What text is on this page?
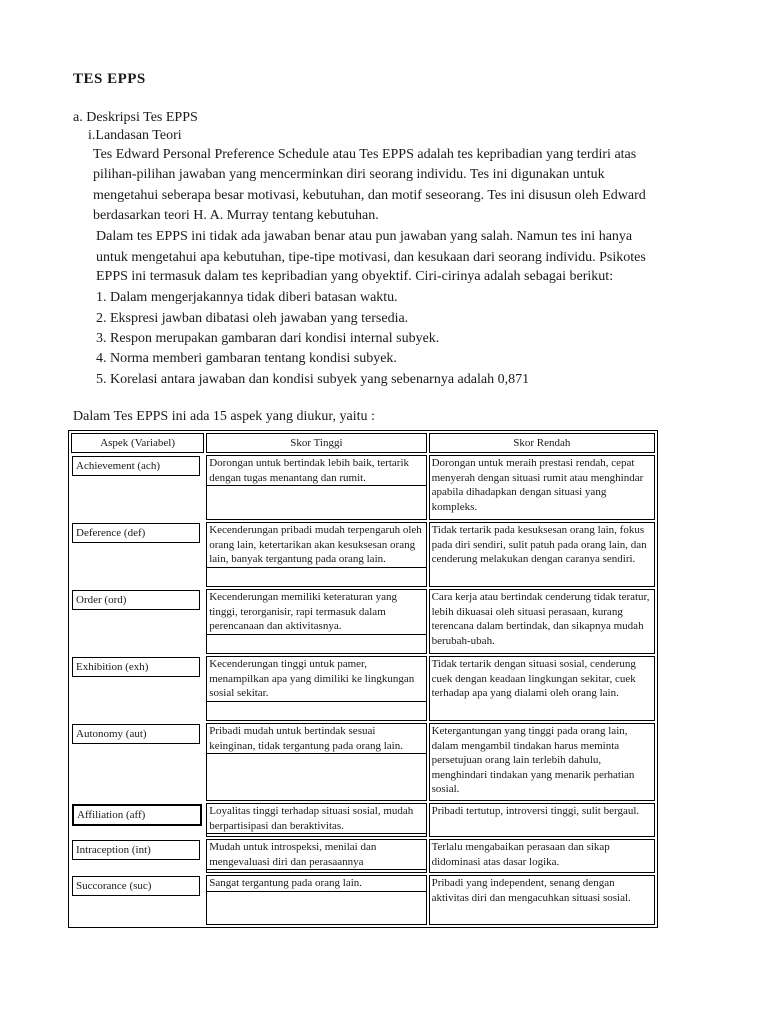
TES EPPS
a. Deskripsi Tes EPPS
i.Landasan Teori
Tes Edward Personal Preference Schedule atau Tes EPPS adalah tes kepribadian yang terdiri atas
pilihan-pilihan jawaban yang mencerminkan diri seorang individu. Tes ini digunakan untuk
mengetahui seberapa besar motivasi, kebutuhan, dan motif seseorang. Tes ini disusun oleh Edward
berdasarkan teori H. A. Murray tentang kebutuhan.
Dalam tes EPPS ini tidak ada jawaban benar atau pun jawaban yang salah. Namun tes ini hanya
untuk mengetahui apa kebutuhan, tipe-tipe motivasi, dan kesukaan dari seorang individu. Psikotes
EPPS ini termasuk dalam tes kepribadian yang obyektif. Ciri-cirinya adalah sebagai berikut:
1. Dalam mengerjakannya tidak diberi batasan waktu.
2. Ekspresi jawban dibatasi oleh jawaban yang tersedia.
3. Respon merupakan gambaran dari kondisi internal subyek.
4. Norma memberi gambaran tentang kondisi subyek.
5. Korelasi antara jawaban dan kondisi subyek yang sebenarnya adalah 0,871
Dalam Tes EPPS ini ada 15 aspek yang diukur, yaitu :
Aspek (Variabel)	Skor Tinggi	Skor Rendah

Achievement (ach)	Dorongan untuk bertindak lebih baik, tertarik dengan tugas menantang dan rumit.	Dorongan untuk meraih prestasi rendah, cepat menyerah dengan situasi rumit atau menghindar apabila dihadapkan dengan situasi yang kompleks.

Deference (def)	Kecenderungan pribadi mudah terpengaruh oleh orang lain, ketertarikan akan kesuksesan orang lain, banyak tergantung pada orang lain.	Tidak tertarik pada kesuksesan orang lain, fokus pada diri sendiri, sulit patuh pada orang lain, dan cenderung melakukan dengan caranya sendiri.

Order (ord)	Kecenderungan memiliki keteraturan yang tinggi, terorganisir, rapi termasuk dalam perencanaan dan aktivitasnya.	Cara kerja atau bertindak cenderung tidak teratur, lebih dikuasai oleh situasi perasaan, kurang terencana dalam bertindak, dan sikapnya mudah berubah-ubah.

Exhibition (exh)	Kecenderungan tinggi untuk pamer, menampilkan apa yang dimiliki ke lingkungan sosial sekitar.	Tidak tertarik dengan situasi sosial, cenderung cuek dengan keadaan lingkungan sekitar, cuek terhadap apa yang dialami oleh orang lain.

Autonomy (aut)	Pribadi mudah untuk bertindak sesuai keinginan, tidak tergantung pada orang lain.	Ketergantungan yang tinggi pada orang lain, dalam mengambil tindakan harus meminta persetujuan orang lain terlebih dahulu, menghindari tindakan yang menarik perhatian sosial.

Affiliation (aff)	Loyalitas tinggi terhadap situasi sosial, mudah berpartisipasi dan beraktivitas.	Pribadi tertutup, introversi tinggi, sulit bergaul.

Intraception (int)	Mudah untuk introspeksi, menilai dan mengevaluasi diri dan perasaannya	Terlalu mengabaikan perasaan dan sikap didominasi atas dasar logika.

Succorance (suc)	Sangat tergantung pada orang lain.	Pribadi yang independent, senang dengan aktivitas diri dan mengacuhkan situasi sosial.
